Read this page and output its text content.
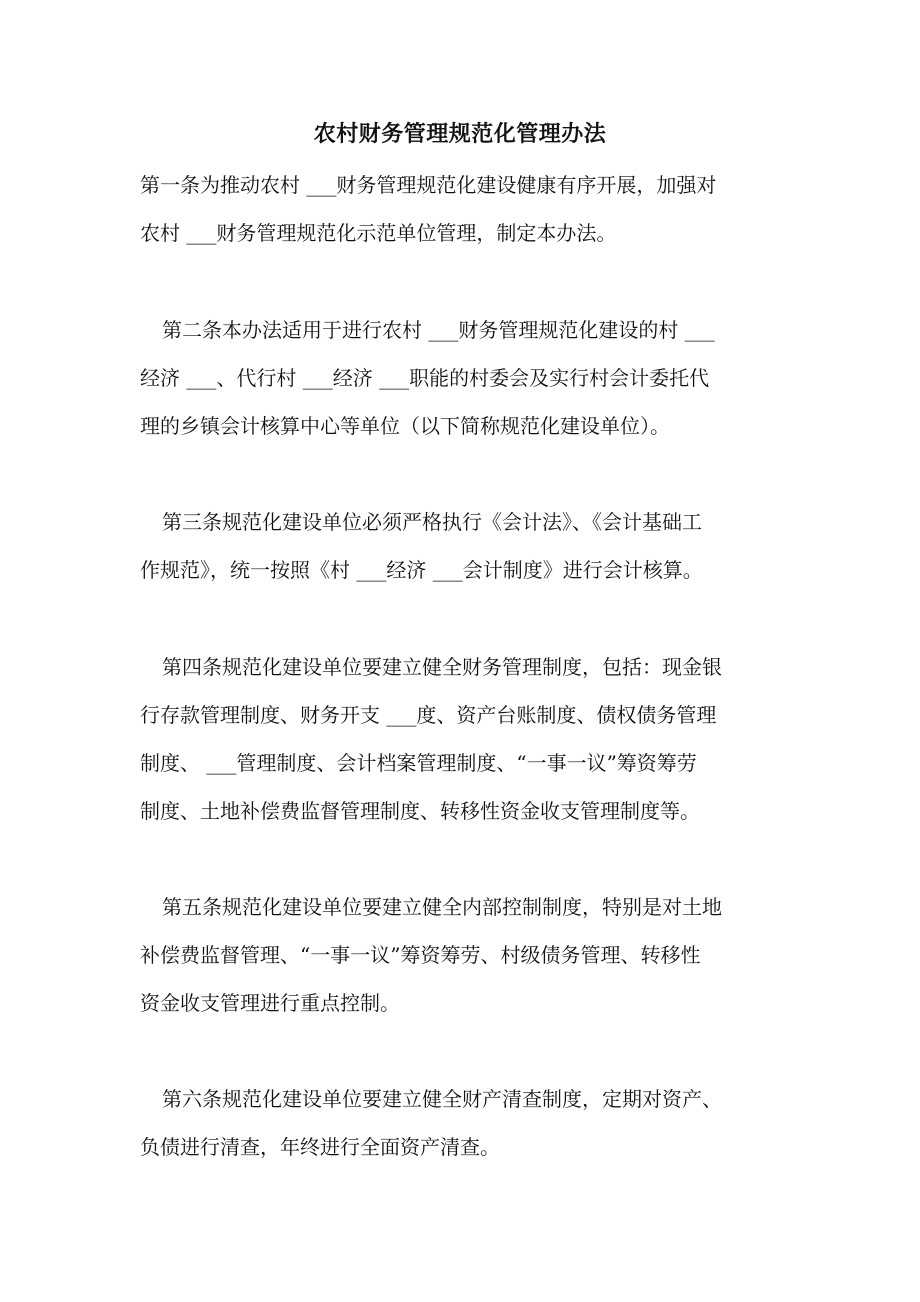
农村财务管理规范化管理办法
第一条为推动农村 ___财务管理规范化建设健康有序开展，加强对
农村 ___财务管理规范化示范单位管理，制定本办法。
第二条本办法适用于进行农村 ___财务管理规范化建设的村 ___
经济 ___、代行村 ___经济 ___职能的村委会及实行村会计委托代
理的乡镇会计核算中心等单位（以下简称规范化建设单位）。
第三条规范化建设单位必须严格执行《会计法》、《会计基础工
作规范》，统一按照《村 ___经济 ___会计制度》进行会计核算。
第四条规范化建设单位要建立健全财务管理制度，包括：现金银
行存款管理制度、财务开支 ___度、资产台账制度、债权债务管理
制度、 ___管理制度、会计档案管理制度、“一事一议”筹资筹劳
制度、土地补偿费监督管理制度、转移性资金收支管理制度等。
第五条规范化建设单位要建立健全内部控制制度，特别是对土地
补偿费监督管理、“一事一议”筹资筹劳、村级债务管理、转移性
资金收支管理进行重点控制。
第六条规范化建设单位要建立健全财产清查制度，定期对资产、
负债进行清查，年终进行全面资产清查。
